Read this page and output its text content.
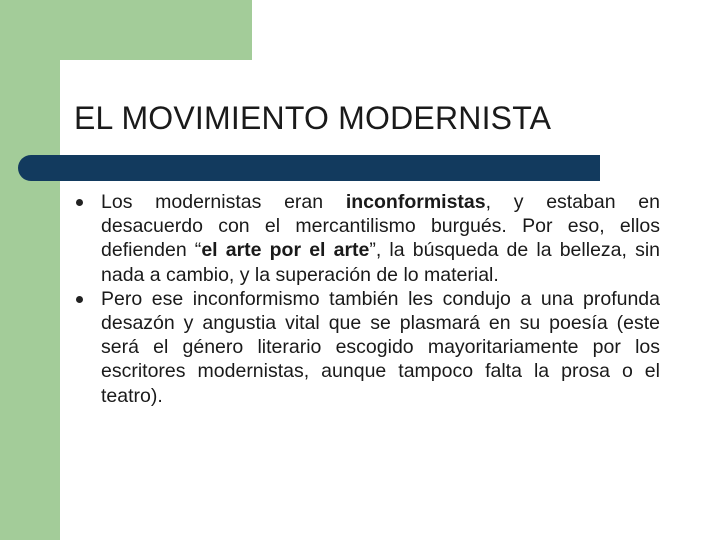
EL MOVIMIENTO MODERNISTA
Los modernistas eran inconformistas, y estaban en desacuerdo con el mercantilismo burgués. Por eso, ellos defienden “el arte por el arte”, la búsqueda de la belleza, sin nada a cambio, y la superación de lo material.
Pero ese inconformismo también les condujo a una profunda desazón y angustia vital que se plasmará en su poesía (este será el género literario escogido mayoritariamente por los escritores modernistas, aunque tampoco falta la prosa o el teatro).
